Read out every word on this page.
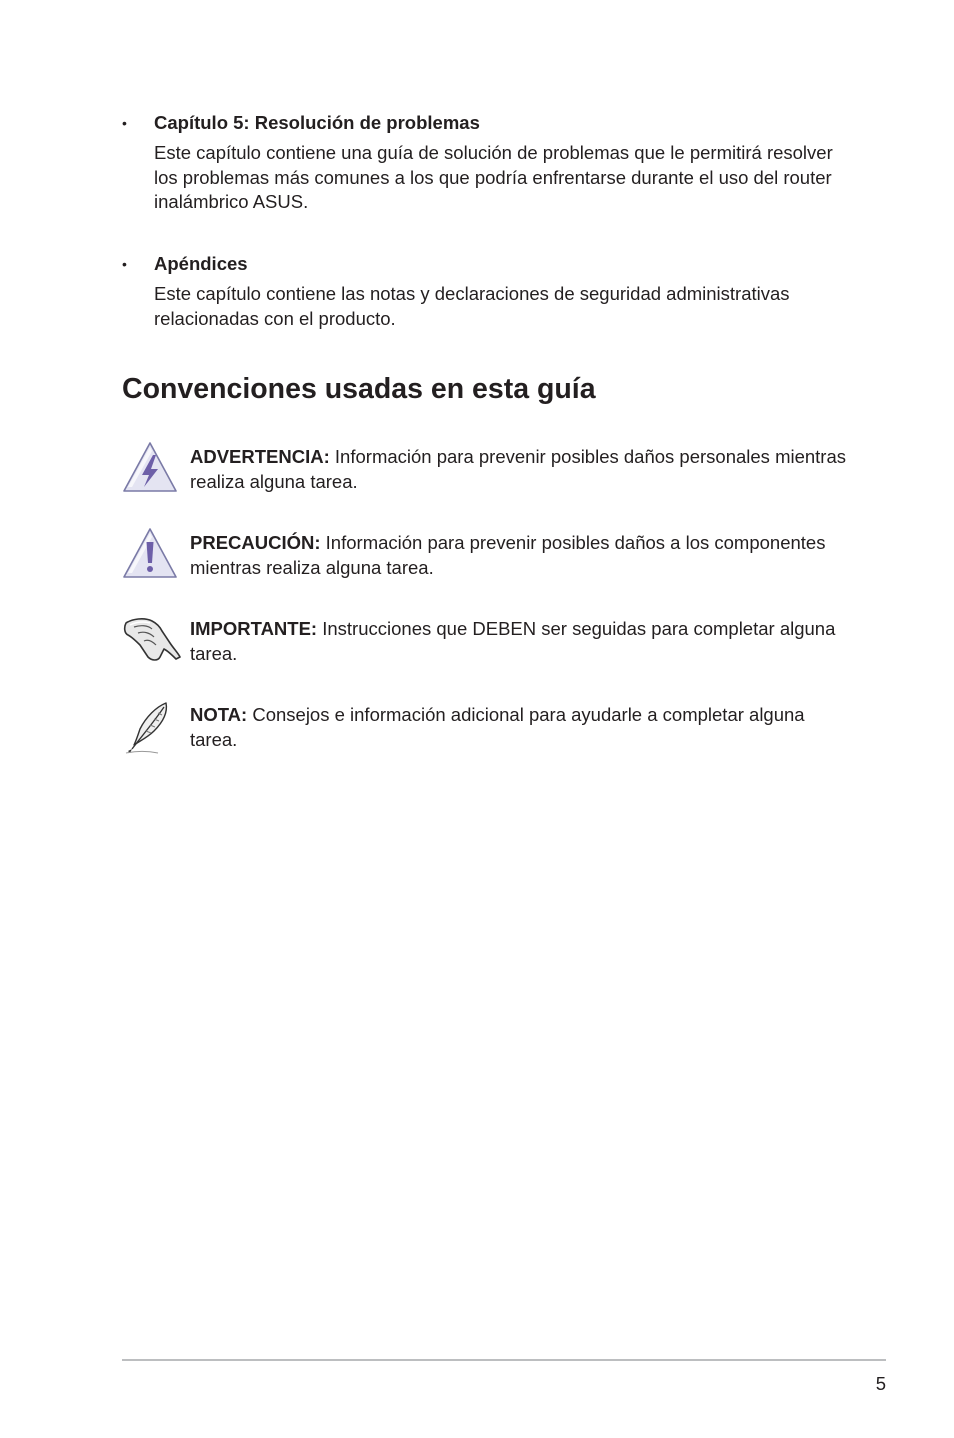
• Capítulo 5: Resolución de problemas
Este capítulo contiene una guía de solución de problemas que le permitirá resolver los problemas más comunes a los que podría enfrentarse durante el uso del router inalámbrico ASUS.
• Apéndices
Este capítulo contiene las notas y declaraciones de seguridad administrativas relacionadas con el producto.
Convenciones usadas en esta guía
ADVERTENCIA: Información para prevenir posibles daños personales mientras realiza alguna tarea.
PRECAUCIÓN: Información para prevenir posibles daños a los componentes mientras realiza alguna tarea.
IMPORTANTE: Instrucciones que DEBEN ser seguidas para completar alguna tarea.
NOTA: Consejos e información adicional para ayudarle a completar alguna tarea.
5
